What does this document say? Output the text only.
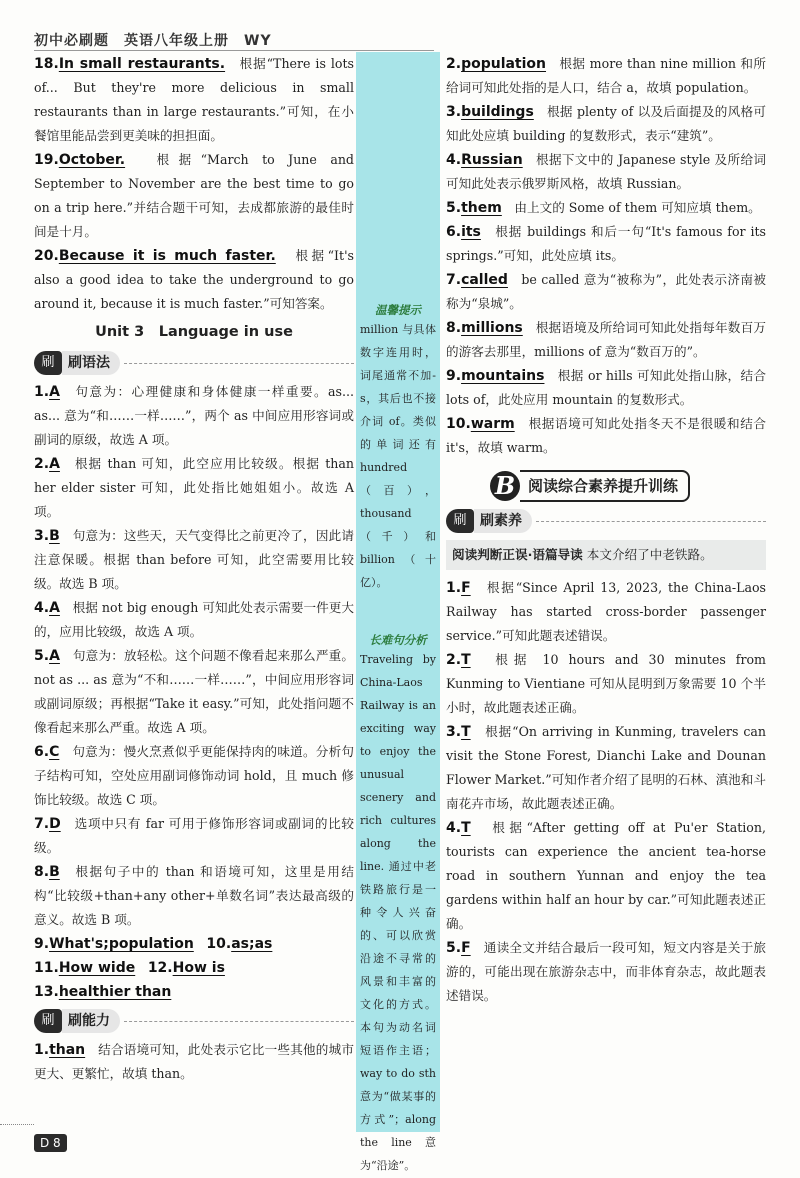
初中必刷题　英语八年级上册　WY
18.In small restaurants.　 根据“There is lots of... But they're more delicious in small restaurants than in large restaurants.”可知，在小餐馆里能品尝到更美味的担担面。
19.October.　 根据“March to June and September to November are the best time to go on a trip here.”并结合题干可知，去成都旅游的最佳时间是十月。
20.Because it is much faster.　 根据“It's also a good idea to take the underground to go around it, because it is much faster.”可知答案。
Unit 3　Language in use
刷 刷语法
1.A　 句意为：心理健康和身体健康一样重要。as... as... 意为“和……一样……”，两个 as 中间应用形容词或副词的原级，故选 A 项。
2.A　 根据 than 可知，此空应用比较级。根据 than her elder sister 可知，此处指比她姐姐小。故选 A 项。
3.B　 句意为：这些天，天气变得比之前更冷了，因此请注意保暖。根据 than before 可知，此空需要用比较级。故选 B 项。
4.A　 根据 not big enough 可知此处表示需要一件更大的，应用比较级，故选 A 项。
5.A　 句意为：放轻松。这个问题不像看起来那么严重。not as ... as 意为“不和……一样……”，中间应用形容词或副词原级；再根据“Take it easy.”可知，此处指问题不像看起来那么严重。故选 A 项。
6.C　 句意为：慢火烹煮似乎更能保持肉的味道。分析句子结构可知，空处应用副词修饰动词 hold，且 much 修饰比较级。故选 C 项。
7.D　 选项中只有 far 可用于修饰形容词或副词的比较级。
8.B　 根据句子中的 than 和语境可知，这里是用结构“比较级+than+any other+单数名词”表达最高级的意义。故选 B 项。
9.What's;population　 10.as;as
11.How wide　 12.How is
13.healthier than
刷 刷能力
1.than　 结合语境可知，此处表示它比一些其他的城市更大、更繁忙，故填 than。
温馨提示
million 与具体数字连用时，词尾通常不加-s，其后也不接介词 of。类似的单词还有 hundred（百），thousand（千）和 billion（十亿）。
长难句分析
Traveling by China-Laos Railway is an exciting way to enjoy the unusual scenery and rich cultures along the line. 通过中老铁路旅行是一种令人兴奋的、可以欣赏沿途不寻常的风景和丰富的文化的方式。本句为动名词短语作主语；way to do sth 意为“做某事的方式”；along the line 意为“沿途”。
2.population　 根据 more than nine million 和所给词可知此处指的是人口，结合 a，故填 population。
3.buildings　 根据 plenty of 以及后面提及的风格可知此处应填 building 的复数形式，表示“建筑”。
4.Russian　 根据下文中的 Japanese style 及所给词可知此处表示俄罗斯风格，故填 Russian。
5.them　 由上文的 Some of them 可知应填 them。
6.its　 根据 buildings 和后一句“It's famous for its springs.”可知，此处应填 its。
7.called　 be called 意为“被称为”，此处表示济南被称为“泉城”。
8.millions　 根据语境及所给词可知此处指每年数百万的游客去那里，millions of 意为“数百万的”。
9.mountains　 根据 or hills 可知此处指山脉，结合 lots of，此处应用 mountain 的复数形式。
10.warm　 根据语境可知此处指冬天不是很暖和结合 it's，故填 warm。
B 阅读综合素养提升训练
刷 刷素养
阅读判断正误·语篇导读 本文介绍了中老铁路。
1.F　 根据“Since April 13, 2023, the China-Laos Railway has started cross-border passenger service.”可知此题表述错误。
2.T　 根据 10 hours and 30 minutes from Kunming to Vientiane 可知从昆明到万象需要 10 个半小时，故此题表述正确。
3.T　 根据“On arriving in Kunming, travelers can visit the Stone Forest, Dianchi Lake and Dounan Flower Market.”可知作者介绍了昆明的石林、滇池和斗南花卉市场，故此题表述正确。
4.T　 根据“After getting off at Pu'er Station, tourists can experience the ancient tea-horse road in southern Yunnan and enjoy the tea gardens within half an hour by car.”可知此题表述正确。
5.F　 通读全文并结合最后一段可知，短文内容是关于旅游的，可能出现在旅游杂志中，而非体育杂志，故此题表述错误。
D 8
